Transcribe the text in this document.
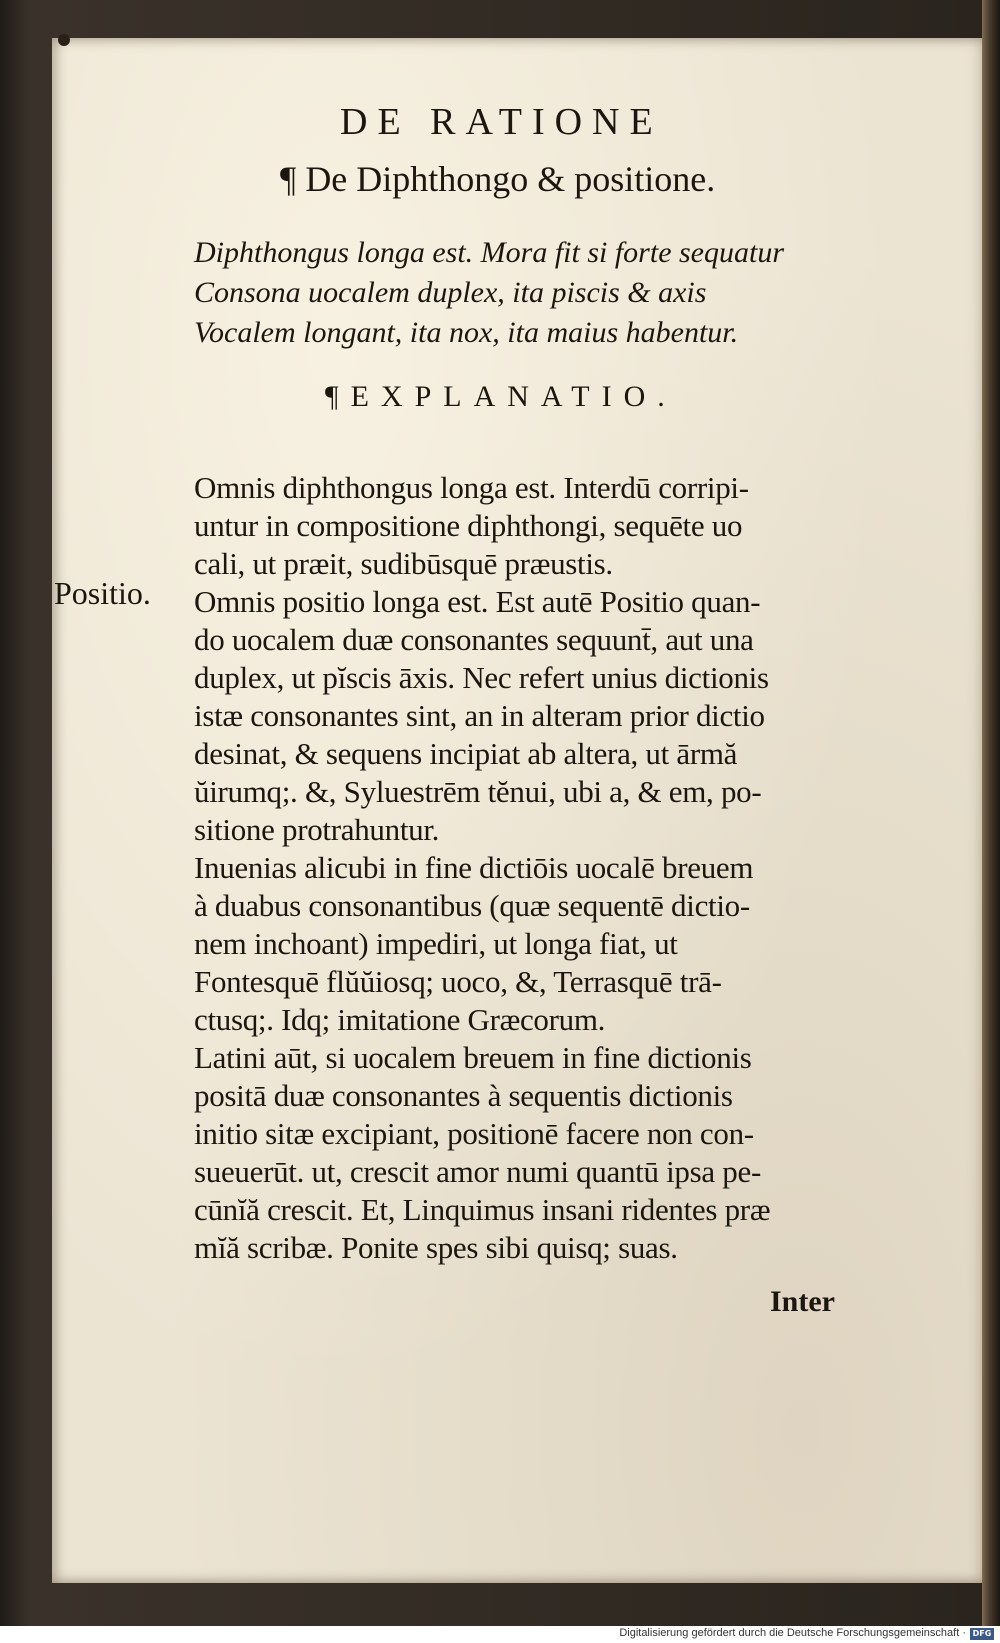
DE RATIONE
¶ De Diphthongo & positione.
Diphthongus longa est. Mora fit si forte sequatur
Consona uocalem duplex, ita piscis & axis
Vocalem longant, ita nox, ita maius habentur.
¶EXPLANATIO.
Positio.
Omnis diphthongus longa est. Interdū corripi-
untur in compositione diphthongi, sequēte uo
cali, ut præit, sudibūsquē præustis.
Omnis positio longa est. Est autē Positio quan-
do uocalem duæ consonantes sequunt̄, aut una
duplex, ut pĭscis āxis. Nec refert unius dictionis
istæ consonantes sint, an in alteram prior dictio
desinat, & sequens incipiat ab altera, ut ārmă
ŭirumq;. &, Syluestrēm tĕnui, ubi a, & em, po-
sitione protrahuntur.
Inuenias alicubi in fine dictiōis uocalē breuem
à duabus consonantibus (quæ sequentē dictio-
nem inchoant) impediri, ut longa fiat, ut
Fontesquē flŭŭiosq; uoco, &, Terrasquē trā-
ctusq;. Idq; imitatione Græcorum.
Latini aūt, si uocalem breuem in fine dictionis
positā duæ consonantes à sequentis dictionis
initio sitæ excipiant, positionē facere non con-
sueuerūt. ut, crescit amor numi quantū ipsa pe-
cūnĭă crescit. Et, Linquimus insani ridentes præ
mĭă scribæ. Ponite spes sibi quisq; suas.
Inter
Digitalisierung gefördert durch die Deutsche Forschungsgemeinschaft · DFG
